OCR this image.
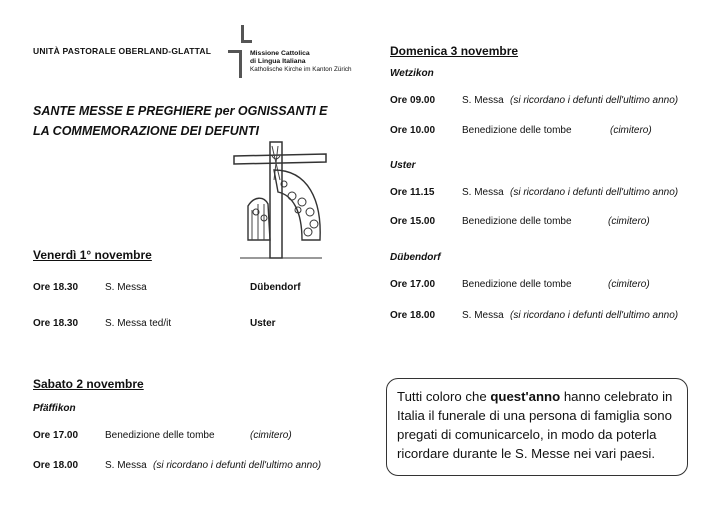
UNITÀ PASTORALE OBERLAND-GLATTAL	Missione Cattolica
di Lingua Italiana
Katholische Kirche im Kanton Zürich
SANTE MESSE E PREGHIERE per OGNISSANTI E
LA COMMEMORAZIONE DEI DEFUNTI
Venerdì 1° novembre
Ore 18.30	S. Messa	Dübendorf
Ore 18.30	S. Messa ted/it	Uster
Sabato 2 novembre
Pfäffikon
Ore 17.00	Benedizione delle tombe	(cimitero)
Ore 18.00	S. Messa (si ricordano i defunti dell'ultimo anno)
Domenica 3 novembre
Wetzikon
Ore 09.00	S. Messa (si ricordano i defunti dell'ultimo anno)
Ore 10.00	Benedizione delle tombe	(cimitero)
Uster
Ore 11.15	S. Messa (si ricordano i defunti dell'ultimo anno)
Ore 15.00	Benedizione delle tombe	(cimitero)
Dübendorf
Ore 17.00	Benedizione delle tombe	(cimitero)
Ore 18.00	S. Messa (si ricordano i defunti dell'ultimo anno)
Tutti coloro che quest'anno hanno celebrato in Italia il funerale di una persona di famiglia sono pregati di comunicarcelo, in modo da poterla ricordare durante le S. Messe nei vari paesi.
